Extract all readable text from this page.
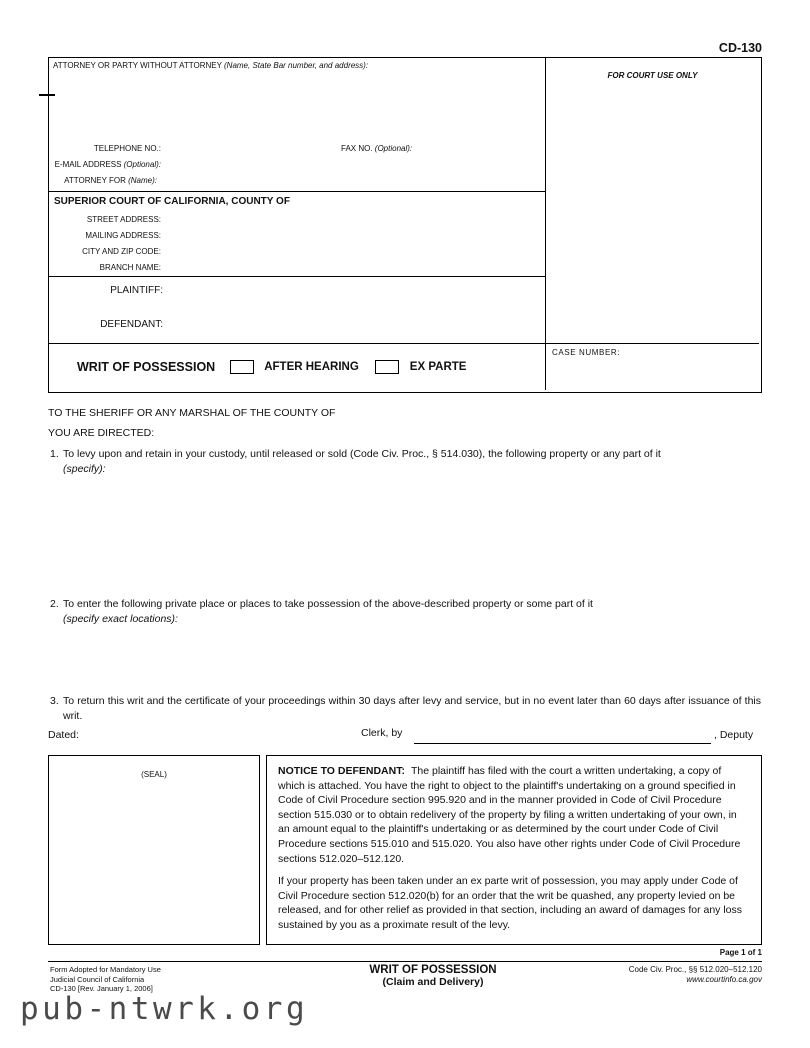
CD-130
ATTORNEY OR PARTY WITHOUT ATTORNEY (Name, State Bar number, and address):
TELEPHONE NO.:	FAX NO. (Optional):
E-MAIL ADDRESS (Optional):
ATTORNEY FOR (Name):
SUPERIOR COURT OF CALIFORNIA, COUNTY OF
STREET ADDRESS:
MAILING ADDRESS:
CITY AND ZIP CODE:
BRANCH NAME:
PLAINTIFF:
DEFENDANT:
WRIT OF POSSESSION	AFTER HEARING	EX PARTE
FOR COURT USE ONLY
CASE NUMBER:
TO THE SHERIFF OR ANY MARSHAL OF THE COUNTY OF
YOU ARE DIRECTED:
1. To levy upon and retain in your custody, until released or sold (Code Civ. Proc., § 514.030), the following property or any part of it
(specify):
2. To enter the following private place or places to take possession of the above-described property or some part of it
(specify exact locations):
3. To return this writ and the certificate of your proceedings within 30 days after levy and service, but in no event later than 60 days after issuance of this writ.
Dated:	Clerk, by	, Deputy
(SEAL)	NOTICE TO DEFENDANT: The plaintiff has filed with the court a written undertaking, a copy of which is attached. You have the right to object to the plaintiff's undertaking on a ground specified in Code of Civil Procedure section 995.920 and in the manner provided in Code of Civil Procedure section 515.030 or to obtain redelivery of the property by filing a written undertaking of your own, in an amount equal to the plaintiff's undertaking or as determined by the court under Code of Civil Procedure sections 515.010 and 515.020. You also have other rights under Code of Civil Procedure sections 512.020–512.120.

If your property has been taken under an ex parte writ of possession, you may apply under Code of Civil Procedure section 512.020(b) for an order that the writ be quashed, any property levied on be released, and for other relief as provided in that section, including an award of damages for any loss sustained by you as a proximate result of the levy.

Page 1 of 1
Form Adopted for Mandatory Use
Judicial Council of California
CD-130 [Rev. January 1, 2006]
WRIT OF POSSESSION
(Claim and Delivery)
Code Civ. Proc., §§ 512.020–512.120
www.courtinfo.ca.gov
pub-ntwrk.org
